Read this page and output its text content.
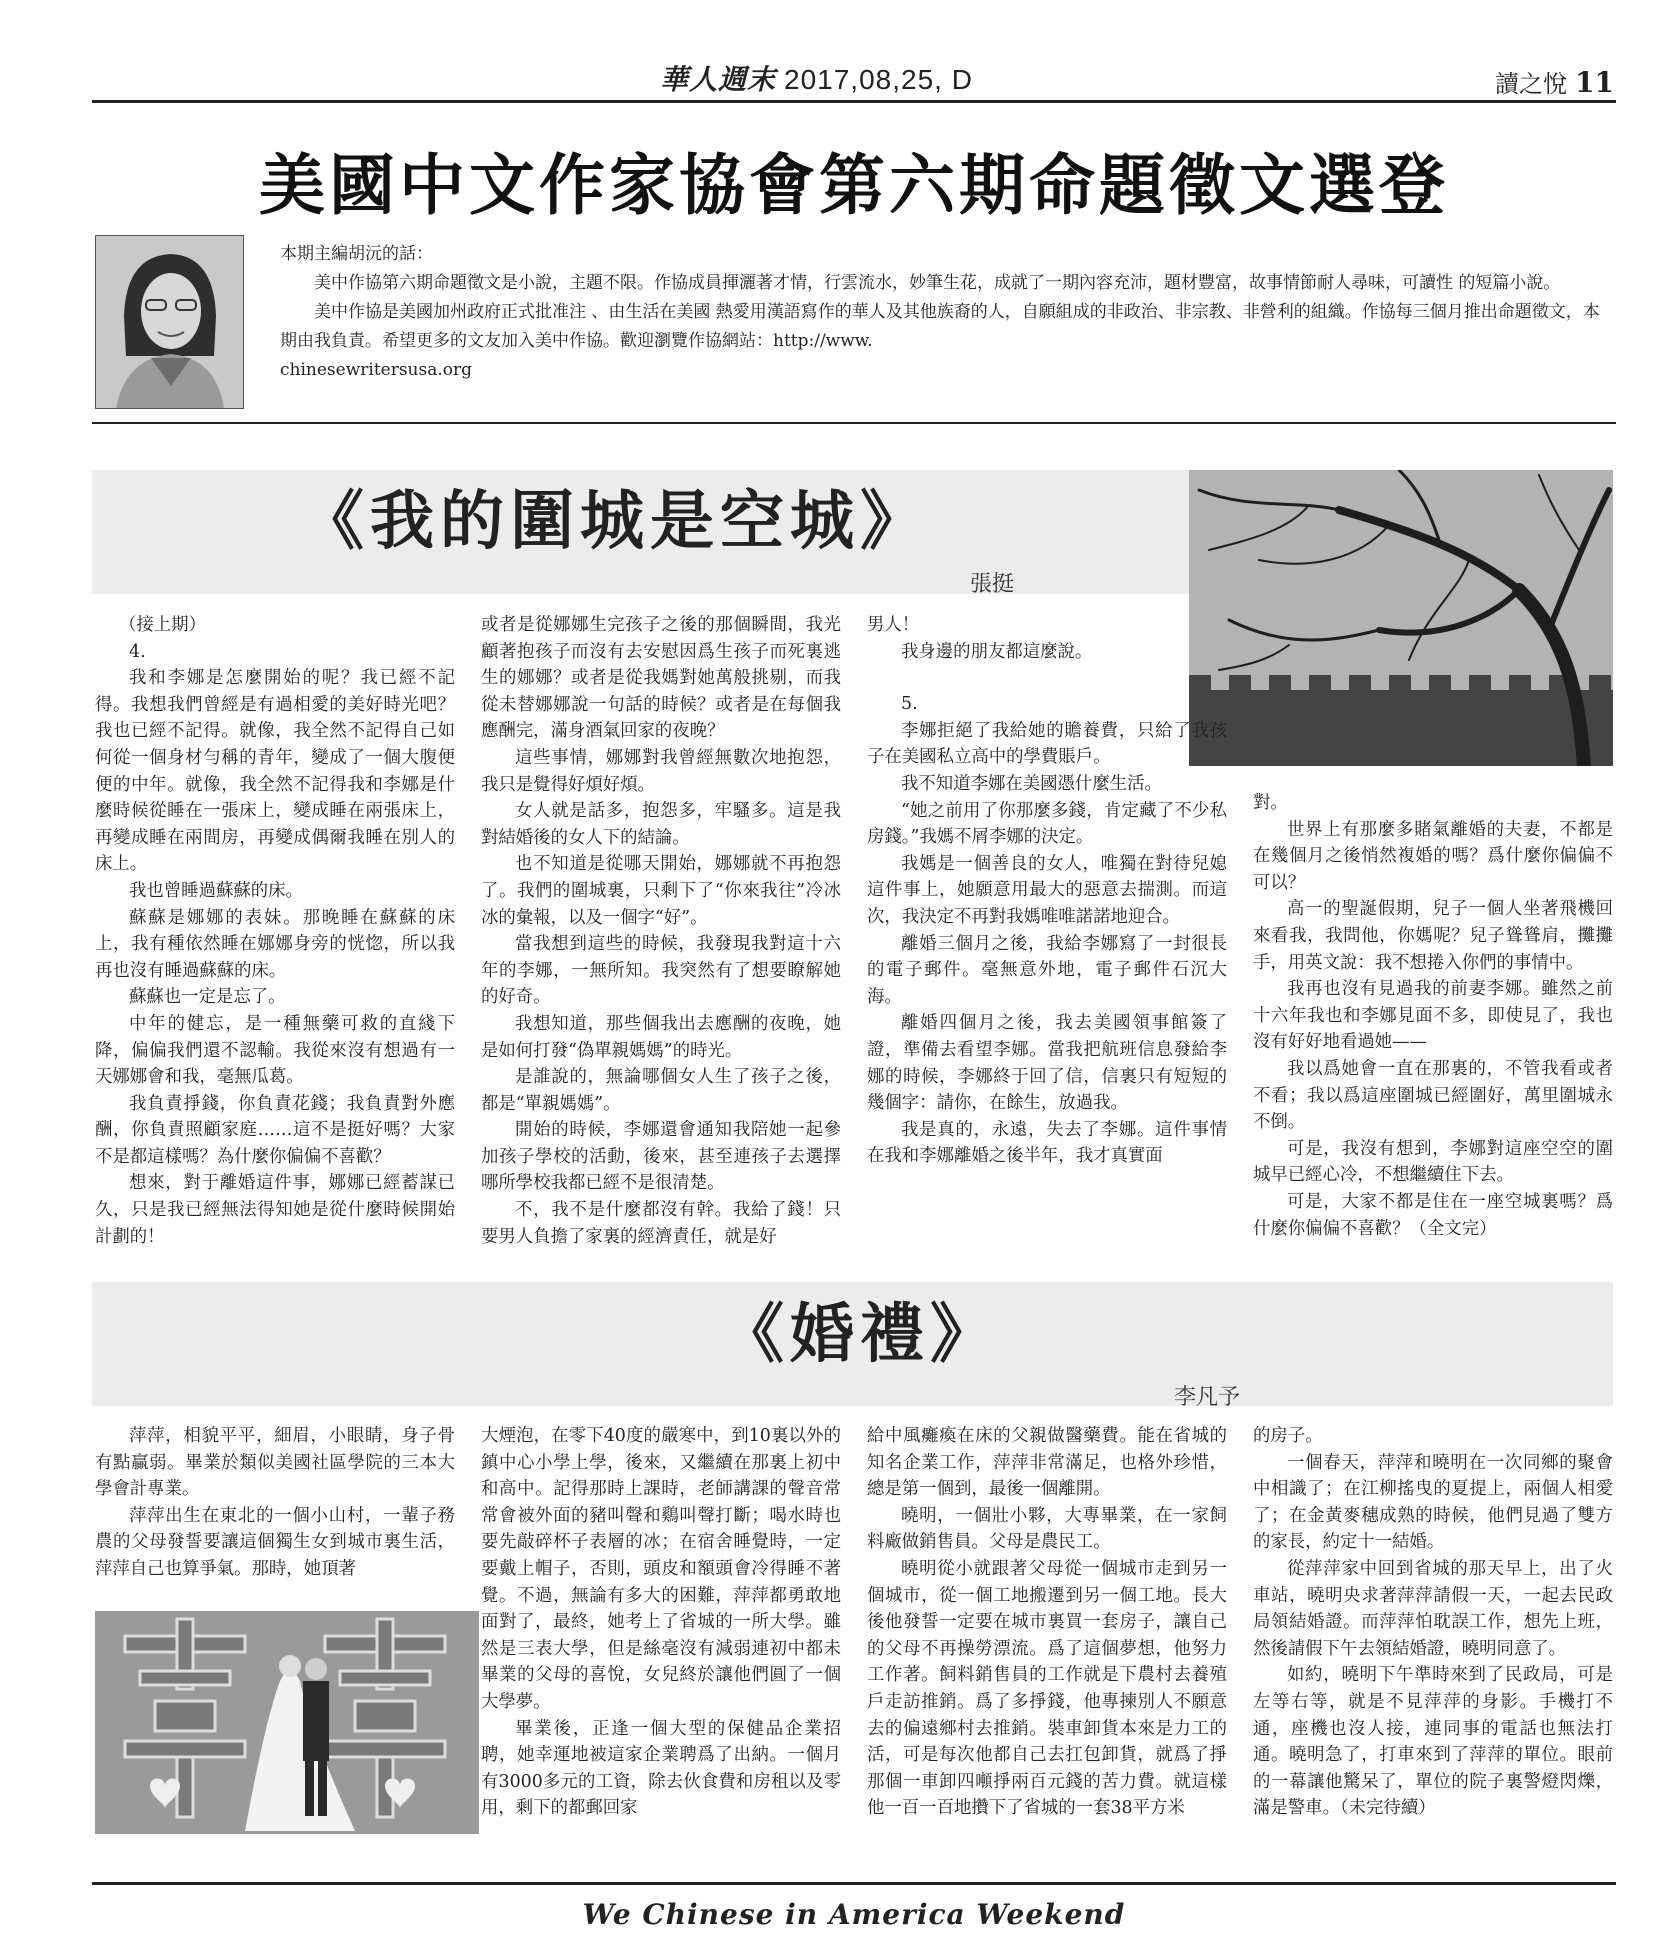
華人週末 2017,08,25, D	讀之悅 11
美國中文作家協會第六期命題徵文選登

本期主編胡沅的話：

美中作協第六期命題徵文是小說，主題不限。作協成員揮灑著才情，行雲流水，妙筆生花，成就了一期內容充沛，題材豐富，故事情節耐人尋味，可讀性 的短篇小說。

美中作協是美國加州政府正式批准注 、由生活在美國 熱愛用漢語寫作的華人及其他族裔的人，自願組成的非政治、非宗教、非營利的組織。作協每三個月推出命題徵文，本期由我負責。希望更多的文友加入美中作協。歡迎瀏覽作協網站：http://www.

chinesewritersusa.org

《我的圍城是空城》
張挺

（接上期）

4.

我和李娜是怎麼開始的呢？我已經不記得。我想我們曾經是有過相愛的美好時光吧？我也已經不記得。就像，我全然不記得自己如何從一個身材勻稱的青年，變成了一個大腹便便的中年。就像，我全然不記得我和李娜是什麼時候從睡在一張床上，變成睡在兩張床上，再變成睡在兩間房，再變成偶爾我睡在別人的床上。

我也曾睡過蘇蘇的床。

蘇蘇是娜娜的表妹。那晚睡在蘇蘇的床上，我有種依然睡在娜娜身旁的恍惚，所以我再也沒有睡過蘇蘇的床。

蘇蘇也一定是忘了。

中年的健忘，是一種無藥可救的直綫下降，偏偏我們還不認輸。我從來沒有想過有一天娜娜會和我，毫無瓜葛。

我負責掙錢，你負責花錢；我負責對外應酬，你負責照顧家庭……這不是挺好嗎？大家不是都這樣嗎？為什麼你偏偏不喜歡？

想來，對于離婚這件事，娜娜已經蓄謀已久，只是我已經無法得知她是從什麼時候開始計劃的！

或者是從娜娜生完孩子之後的那個瞬間，我光顧著抱孩子而沒有去安慰因爲生孩子而死裏逃生的娜娜？或者是從我媽對她萬般挑剔，而我從未替娜娜說一句話的時候？或者是在每個我應酬完，滿身酒氣回家的夜晚？

這些事情，娜娜對我曾經無數次地抱怨，我只是覺得好煩好煩。

女人就是話多，抱怨多，牢騷多。這是我對結婚後的女人下的結論。

也不知道是從哪天開始，娜娜就不再抱怨了。我們的圍城裏，只剩下了“你來我往”冷冰冰的彙報，以及一個字“好”。

當我想到這些的時候，我發現我對這十六年的李娜，一無所知。我突然有了想要瞭解她的好奇。

我想知道，那些個我出去應酬的夜晚，她是如何打發“偽單親媽媽”的時光。

是誰說的，無論哪個女人生了孩子之後，都是“單親媽媽”。

開始的時候，李娜還會通知我陪她一起參加孩子學校的活動，後來，甚至連孩子去選擇哪所學校我都已經不是很清楚。

不，我不是什麼都沒有幹。我給了錢！只要男人負擔了家裏的經濟責任，就是好

男人！

我身邊的朋友都這麼說。

5.

李娜拒絕了我給她的贍養費，只給了我孩子在美國私立高中的學費賬戶。

我不知道李娜在美國憑什麼生活。

“她之前用了你那麼多錢，肯定藏了不少私房錢。”我媽不屑李娜的決定。

我媽是一個善良的女人，唯獨在對待兒媳這件事上，她願意用最大的惡意去揣測。而這次，我決定不再對我媽唯唯諾諾地迎合。

離婚三個月之後，我給李娜寫了一封很長的電子郵件。毫無意外地，電子郵件石沉大海。

離婚四個月之後，我去美國領事館簽了證，準備去看望李娜。當我把航班信息發給李娜的時候，李娜終于回了信，信裏只有短短的幾個字：請你，在餘生，放過我。

我是真的，永遠，失去了李娜。這件事情在我和李娜離婚之後半年，我才真實面

對。

世界上有那麼多賭氣離婚的夫妻，不都是在幾個月之後悄然複婚的嗎？爲什麼你偏偏不可以？

高一的聖誕假期，兒子一個人坐著飛機回來看我，我問他，你媽呢？兒子聳聳肩，攤攤手，用英文說：我不想捲入你們的事情中。

我再也沒有見過我的前妻李娜。雖然之前十六年我也和李娜見面不多，即使見了，我也沒有好好地看過她——

我以爲她會一直在那裏的，不管我看或者不看；我以爲這座圍城已經圍好，萬里圍城永不倒。

可是，我沒有想到，李娜對這座空空的圍城早已經心冷，不想繼續住下去。

可是，大家不都是住在一座空城裏嗎？爲什麼你偏偏不喜歡？（全文完）

《婚禮》
李凡予

萍萍，相貌平平，細眉，小眼睛，身子骨有點贏弱。畢業於類似美國社區學院的三本大學會計專業。

萍萍出生在東北的一個小山村，一輩子務農的父母發誓要讓這個獨生女到城市裏生活，萍萍自己也算爭氣。那時，她頂著

大煙泡，在零下40度的嚴寒中，到10裏以外的鎮中心小學上學，後來，又繼續在那裏上初中和高中。記得那時上課時，老師講課的聲音常常會被外面的豬叫聲和鷄叫聲打斷；喝水時也要先敲碎杯子表層的冰；在宿舍睡覺時，一定要戴上帽子，否則，頭皮和額頭會冷得睡不著覺。不過，無論有多大的困難，萍萍都勇敢地面對了，最終，她考上了省城的一所大學。雖然是三表大學，但是絲毫沒有減弱連初中都未畢業的父母的喜悅，女兒終於讓他們圓了一個大學夢。

畢業後，正逢一個大型的保健品企業招聘，她幸運地被這家企業聘爲了出納。一個月有3000多元的工資，除去伙食費和房租以及零用，剩下的都郵回家

給中風癱瘓在床的父親做醫藥費。能在省城的知名企業工作，萍萍非常滿足，也格外珍惜，總是第一個到，最後一個離開。

曉明，一個壯小夥，大專畢業，在一家飼料廠做銷售員。父母是農民工。

曉明從小就跟著父母從一個城市走到另一個城市，從一個工地搬遷到另一個工地。長大後他發誓一定要在城市裏買一套房子，讓自己的父母不再操勞漂流。爲了這個夢想，他努力工作著。飼料銷售員的工作就是下農村去養殖戶走訪推銷。爲了多掙錢，他專揀別人不願意去的偏遠鄉村去推銷。裝車卸貨本來是力工的活，可是每次他都自己去扛包卸貨，就爲了掙那個一車卸四噸掙兩百元錢的苦力費。就這樣他一百一百地攢下了省城的一套38平方米

的房子。

一個春天，萍萍和曉明在一次同鄉的聚會中相識了；在江柳搖曳的夏提上，兩個人相愛了；在金黃麥穗成熟的時候，他們見過了雙方的家長，約定十一結婚。

從萍萍家中回到省城的那天早上，出了火車站，曉明央求著萍萍請假一天，一起去民政局領結婚證。而萍萍怕耽誤工作，想先上班，然後請假下午去領結婚證，曉明同意了。

如約，曉明下午準時來到了民政局，可是左等右等，就是不見萍萍的身影。手機打不通，座機也沒人接，連同事的電話也無法打通。曉明急了，打車來到了萍萍的單位。眼前的一幕讓他驚呆了，單位的院子裏警燈閃爍，滿是警車。（未完待續）

We Chinese in America Weekend
